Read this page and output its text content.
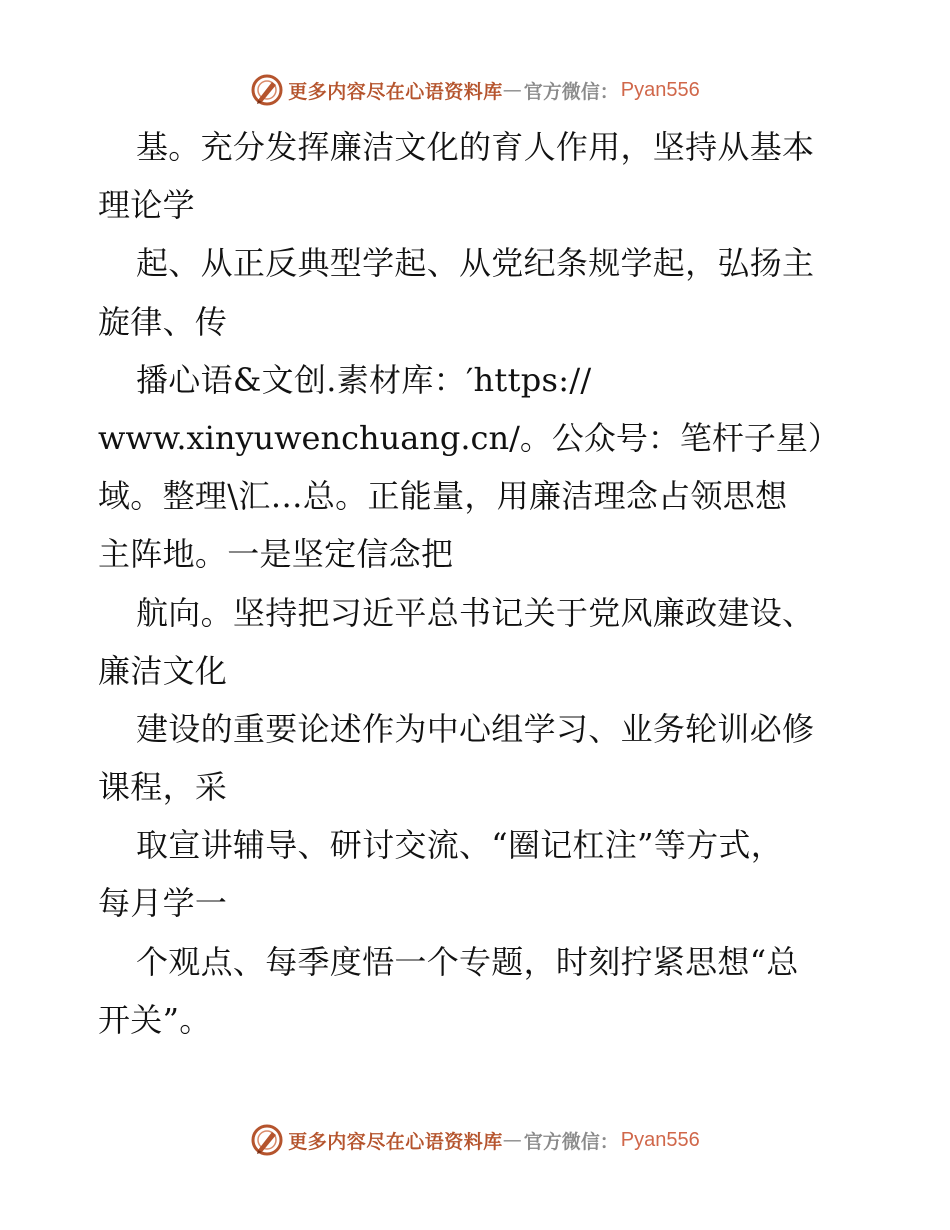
更多内容尽在心语资料库 — 官方微信： Pyan556
基。充分发挥廉洁文化的育人作用，坚持从基本
理论学
起、从正反典型学起、从党纪条规学起，弘扬主
旋律、传
播心语&文创.素材库：′https://
www.xinyuwenchuang.cn/。公众号：笔杆子星）
域。整理\汇…总。正能量，用廉洁理念占领思想
主阵地。一是坚定信念把
航向。坚持把习近平总书记关于党风廉政建设、
廉洁文化
建设的重要论述作为中心组学习、业务轮训必修
课程，采
取宣讲辅导、研讨交流、“圈记杠注”等方式，
每月学一
个观点、每季度悟一个专题，时刻拧紧思想“总
开关”。
更多内容尽在心语资料库 — 官方微信： Pyan556
